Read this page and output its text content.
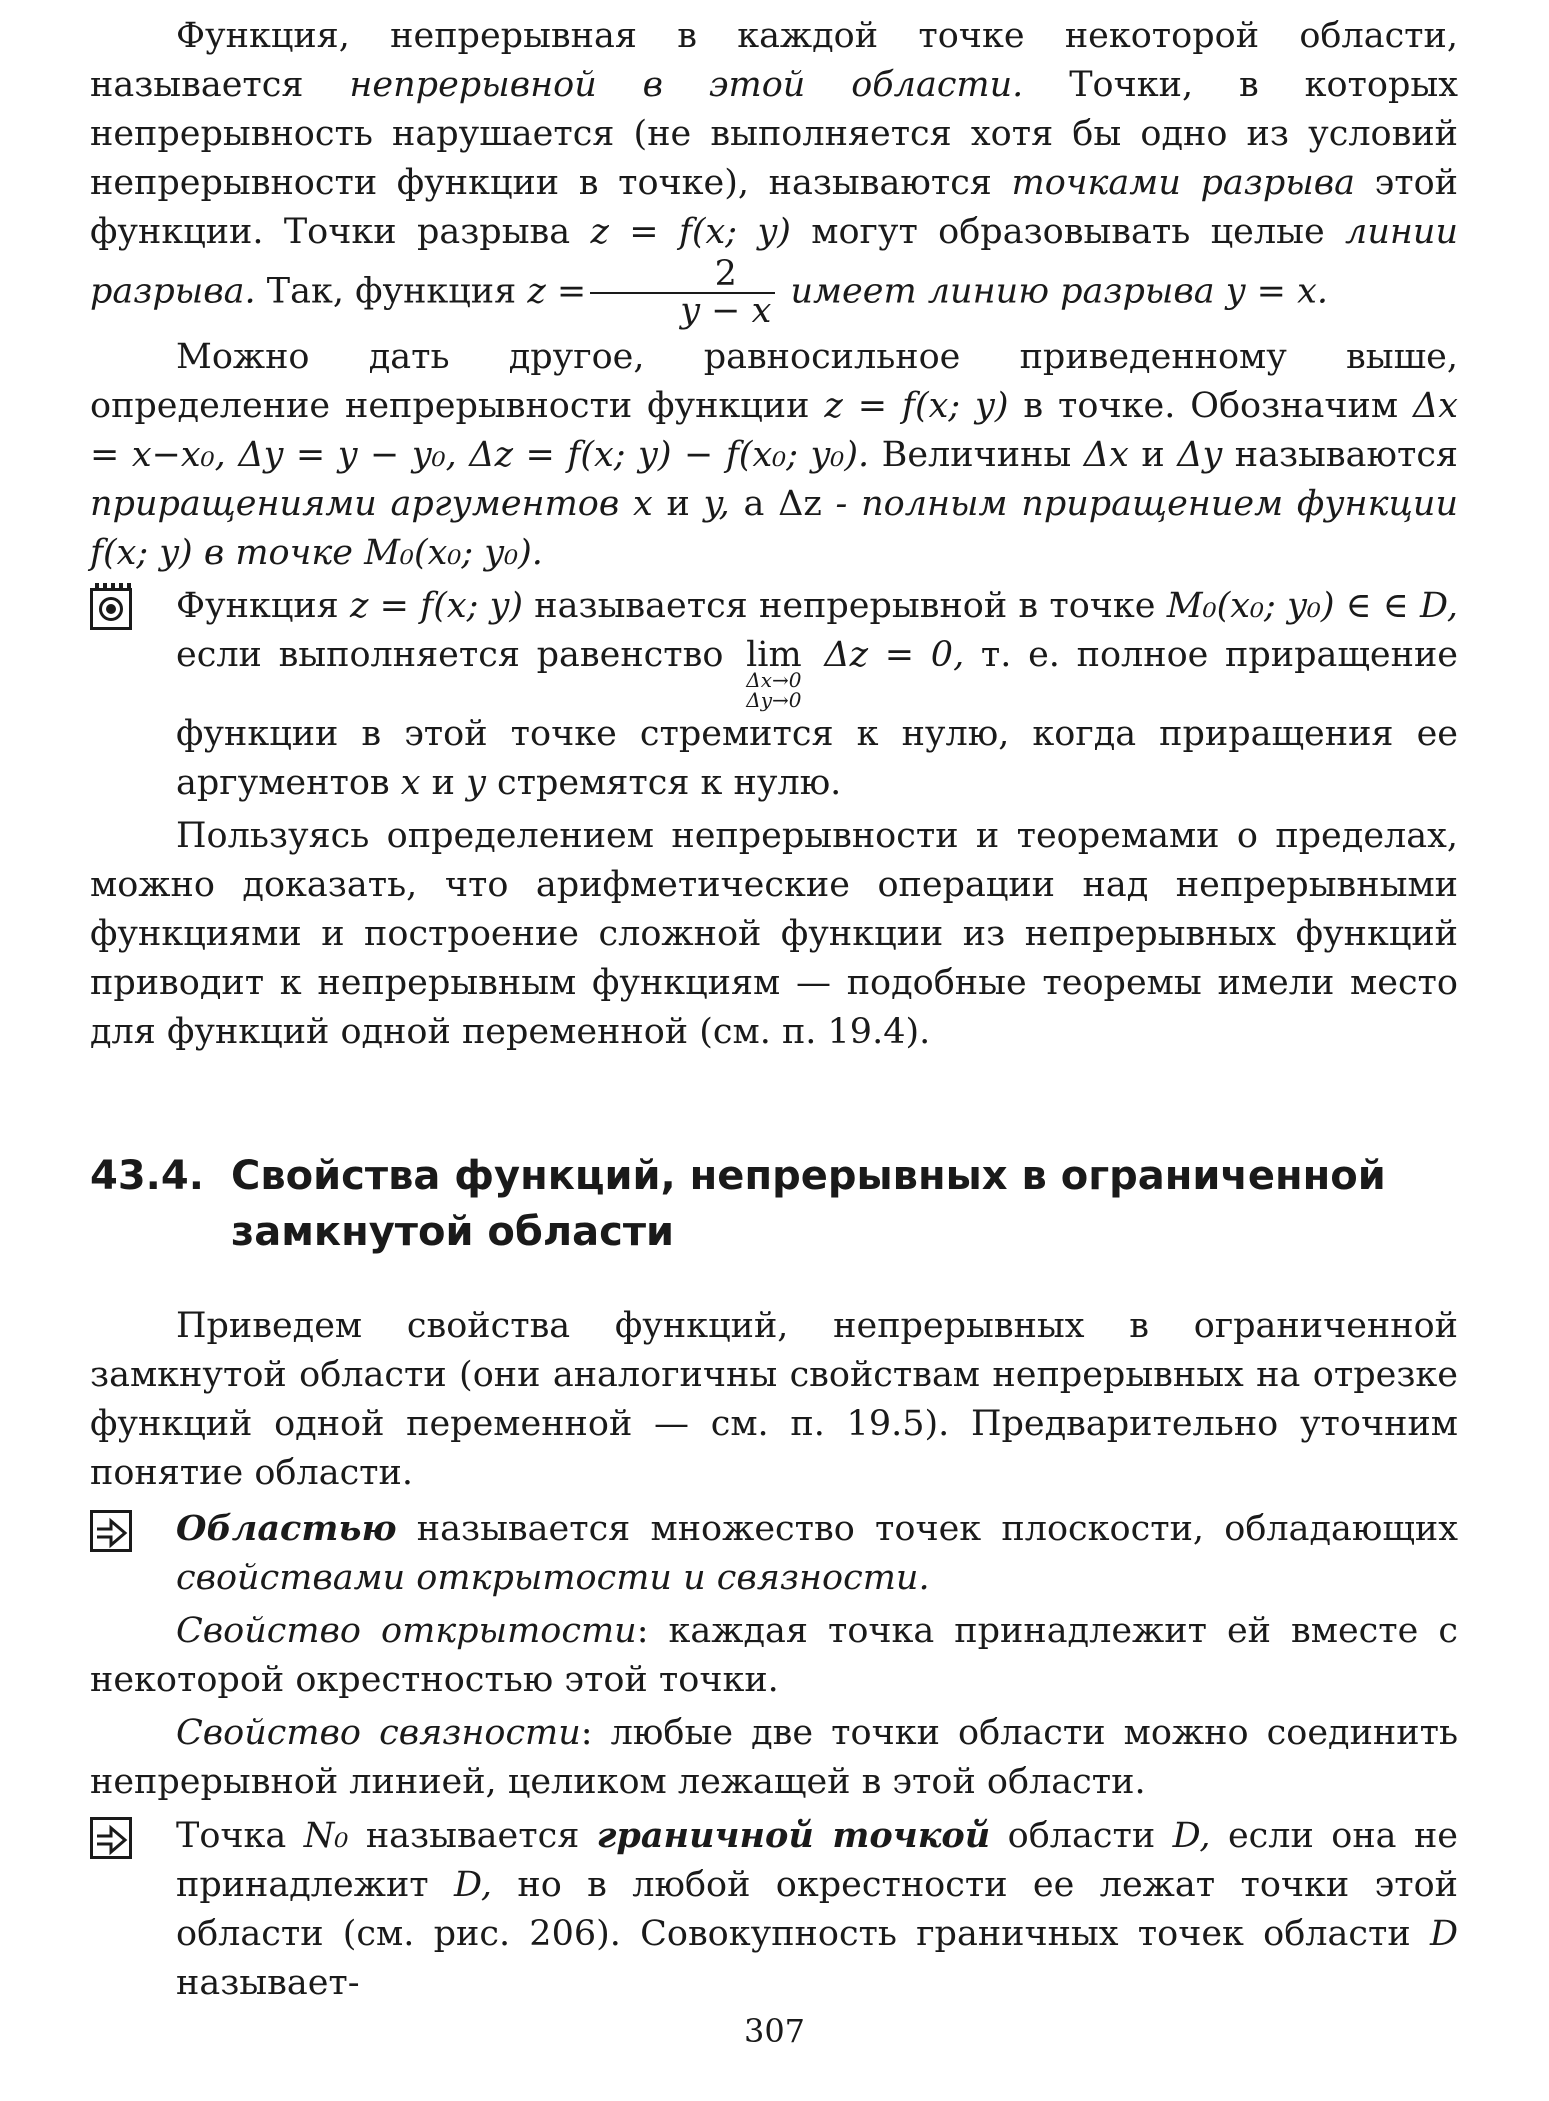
Функция, непрерывная в каждой точке некоторой области, называется непрерывной в этой области. Точки, в которых непрерывность нарушается (не выполняется хотя бы одно из условий непрерывности функции в точке), называются точками разрыва этой функции. Точки разрыва z = f(x; y) могут образовывать целые линии разрыва. Так, функция $z = \frac{2}{y - x}$ имеет линию разрыва y = x.

Можно дать другое, равносильное приведенному выше, определение непрерывности функции z = f(x; y) в точке. Обозначим Δx = x−x₀, Δy = y − y₀, Δz = f(x; y) − f(x₀; y₀). Величины Δx и Δy называются приращениями аргументов x и y, а Δz - полным приращением функции f(x; y) в точке M₀(x₀; y₀).

Функция z = f(x; y) называется непрерывной в точке M₀(x₀; y₀) ∈ ∈ D, если выполняется равенство lim
Δx→0
Δy→0
Δz = 0, т. е. полное приращение функции в этой точке стремится к нулю, когда приращения ее аргументов x и y стремятся к нулю.

Пользуясь определением непрерывности и теоремами о пределах, можно доказать, что арифметические операции над непрерывными функциями и построение сложной функции из непрерывных функций приводит к непрерывным функциям — подобные теоремы имели место для функций одной переменной (см. п. 19.4).

43.4. Свойства функций, непрерывных в ограниченной замкнутой области

Приведем свойства функций, непрерывных в ограниченной замкнутой области (они аналогичны свойствам непрерывных на отрезке функций одной переменной — см. п. 19.5). Предварительно уточним понятие области.

Областью называется множество точек плоскости, обладающих свойствами открытости и связности.

Свойство открытости: каждая точка принадлежит ей вместе с некоторой окрестностью этой точки.

Свойство связности: любые две точки области можно соединить непрерывной линией, целиком лежащей в этой области.

Точка N₀ называется граничной точкой области D, если она не принадлежит D, но в любой окрестности ее лежат точки этой области (см. рис. 206). Совокупность граничных точек области D называет-
307
